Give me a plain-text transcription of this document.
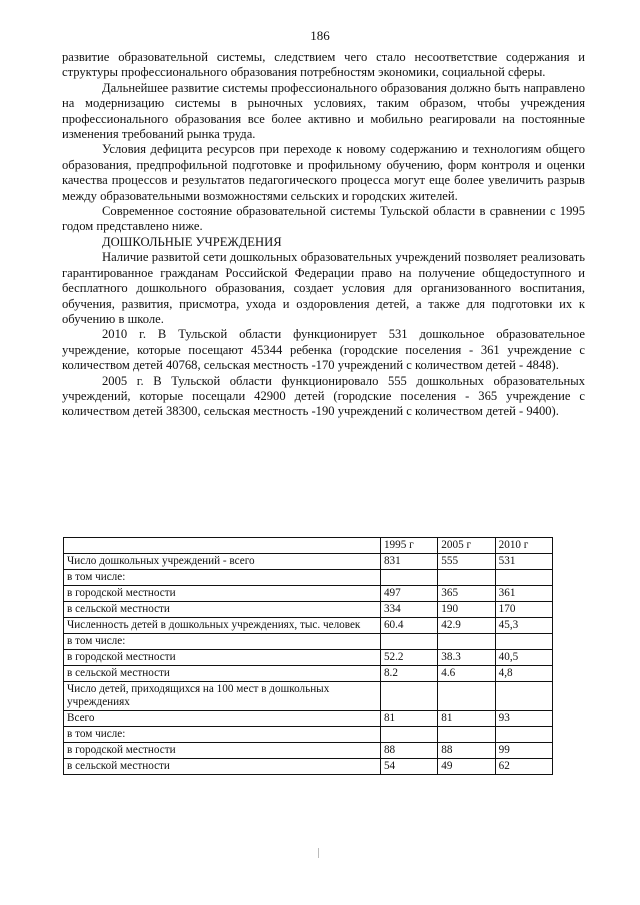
186

развитие образовательной системы, следствием чего стало несоответствие содержания и структуры профессионального образования потребностям экономики, социальной сферы.

Дальнейшее развитие системы профессионального образования должно быть направлено на модернизацию системы в рыночных условиях, таким образом, чтобы учреждения профессионального образования все более активно и мобильно реагировали на постоянные изменения требований рынка труда.

Условия дефицита ресурсов при переходе к новому содержанию и технологиям общего образования, предпрофильной подготовке и профильному обучению, форм контроля и оценки качества процессов и результатов педагогического процесса могут еще более увеличить разрыв между образовательными возможностями сельских и городских жителей.

Современное состояние образовательной системы Тульской области в сравнении с 1995 годом представлено ниже.

ДОШКОЛЬНЫЕ УЧРЕЖДЕНИЯ

Наличие развитой сети дошкольных образовательных учреждений позволяет реализовать гарантированное гражданам Российской Федерации право на получение общедоступного и бесплатного дошкольного образования, создает условия для организованного воспитания, обучения, развития, присмотра, ухода и оздоровления детей, а также для подготовки их к обучению в школе.

2010 г. В Тульской области функционирует 531 дошкольное образовательное учреждение, которые посещают 45344 ребенка (городские поселения - 361 учреждение с количеством детей 40768, сельская местность -170 учреждений с количеством детей - 4848).

2005 г. В Тульской области функционировало 555 дошкольных образовательных учреждений, которые посещали 42900 детей (городские поселения - 365 учреждение с количеством детей 38300, сельская местность -190 учреждений с количеством детей - 9400).

	1995 г	2005 г	2010 г
Число дошкольных учреждений - всего	831	555	531
в том числе:			
в городской местности	497	365	361
в сельской местности	334	190	170
Численность детей в дошкольных учреждениях, тыс. человек	60.4	42.9	45,3
в том числе:			
в городской местности	52.2	38.3	40,5
в сельской местности	8.2	4.6	4,8
Число детей, приходящихся на 100 мест в дошкольных учреждениях			
Всего	81	81	93
в том числе:			
в городской местности	88	88	99
в сельской местности	54	49	62
